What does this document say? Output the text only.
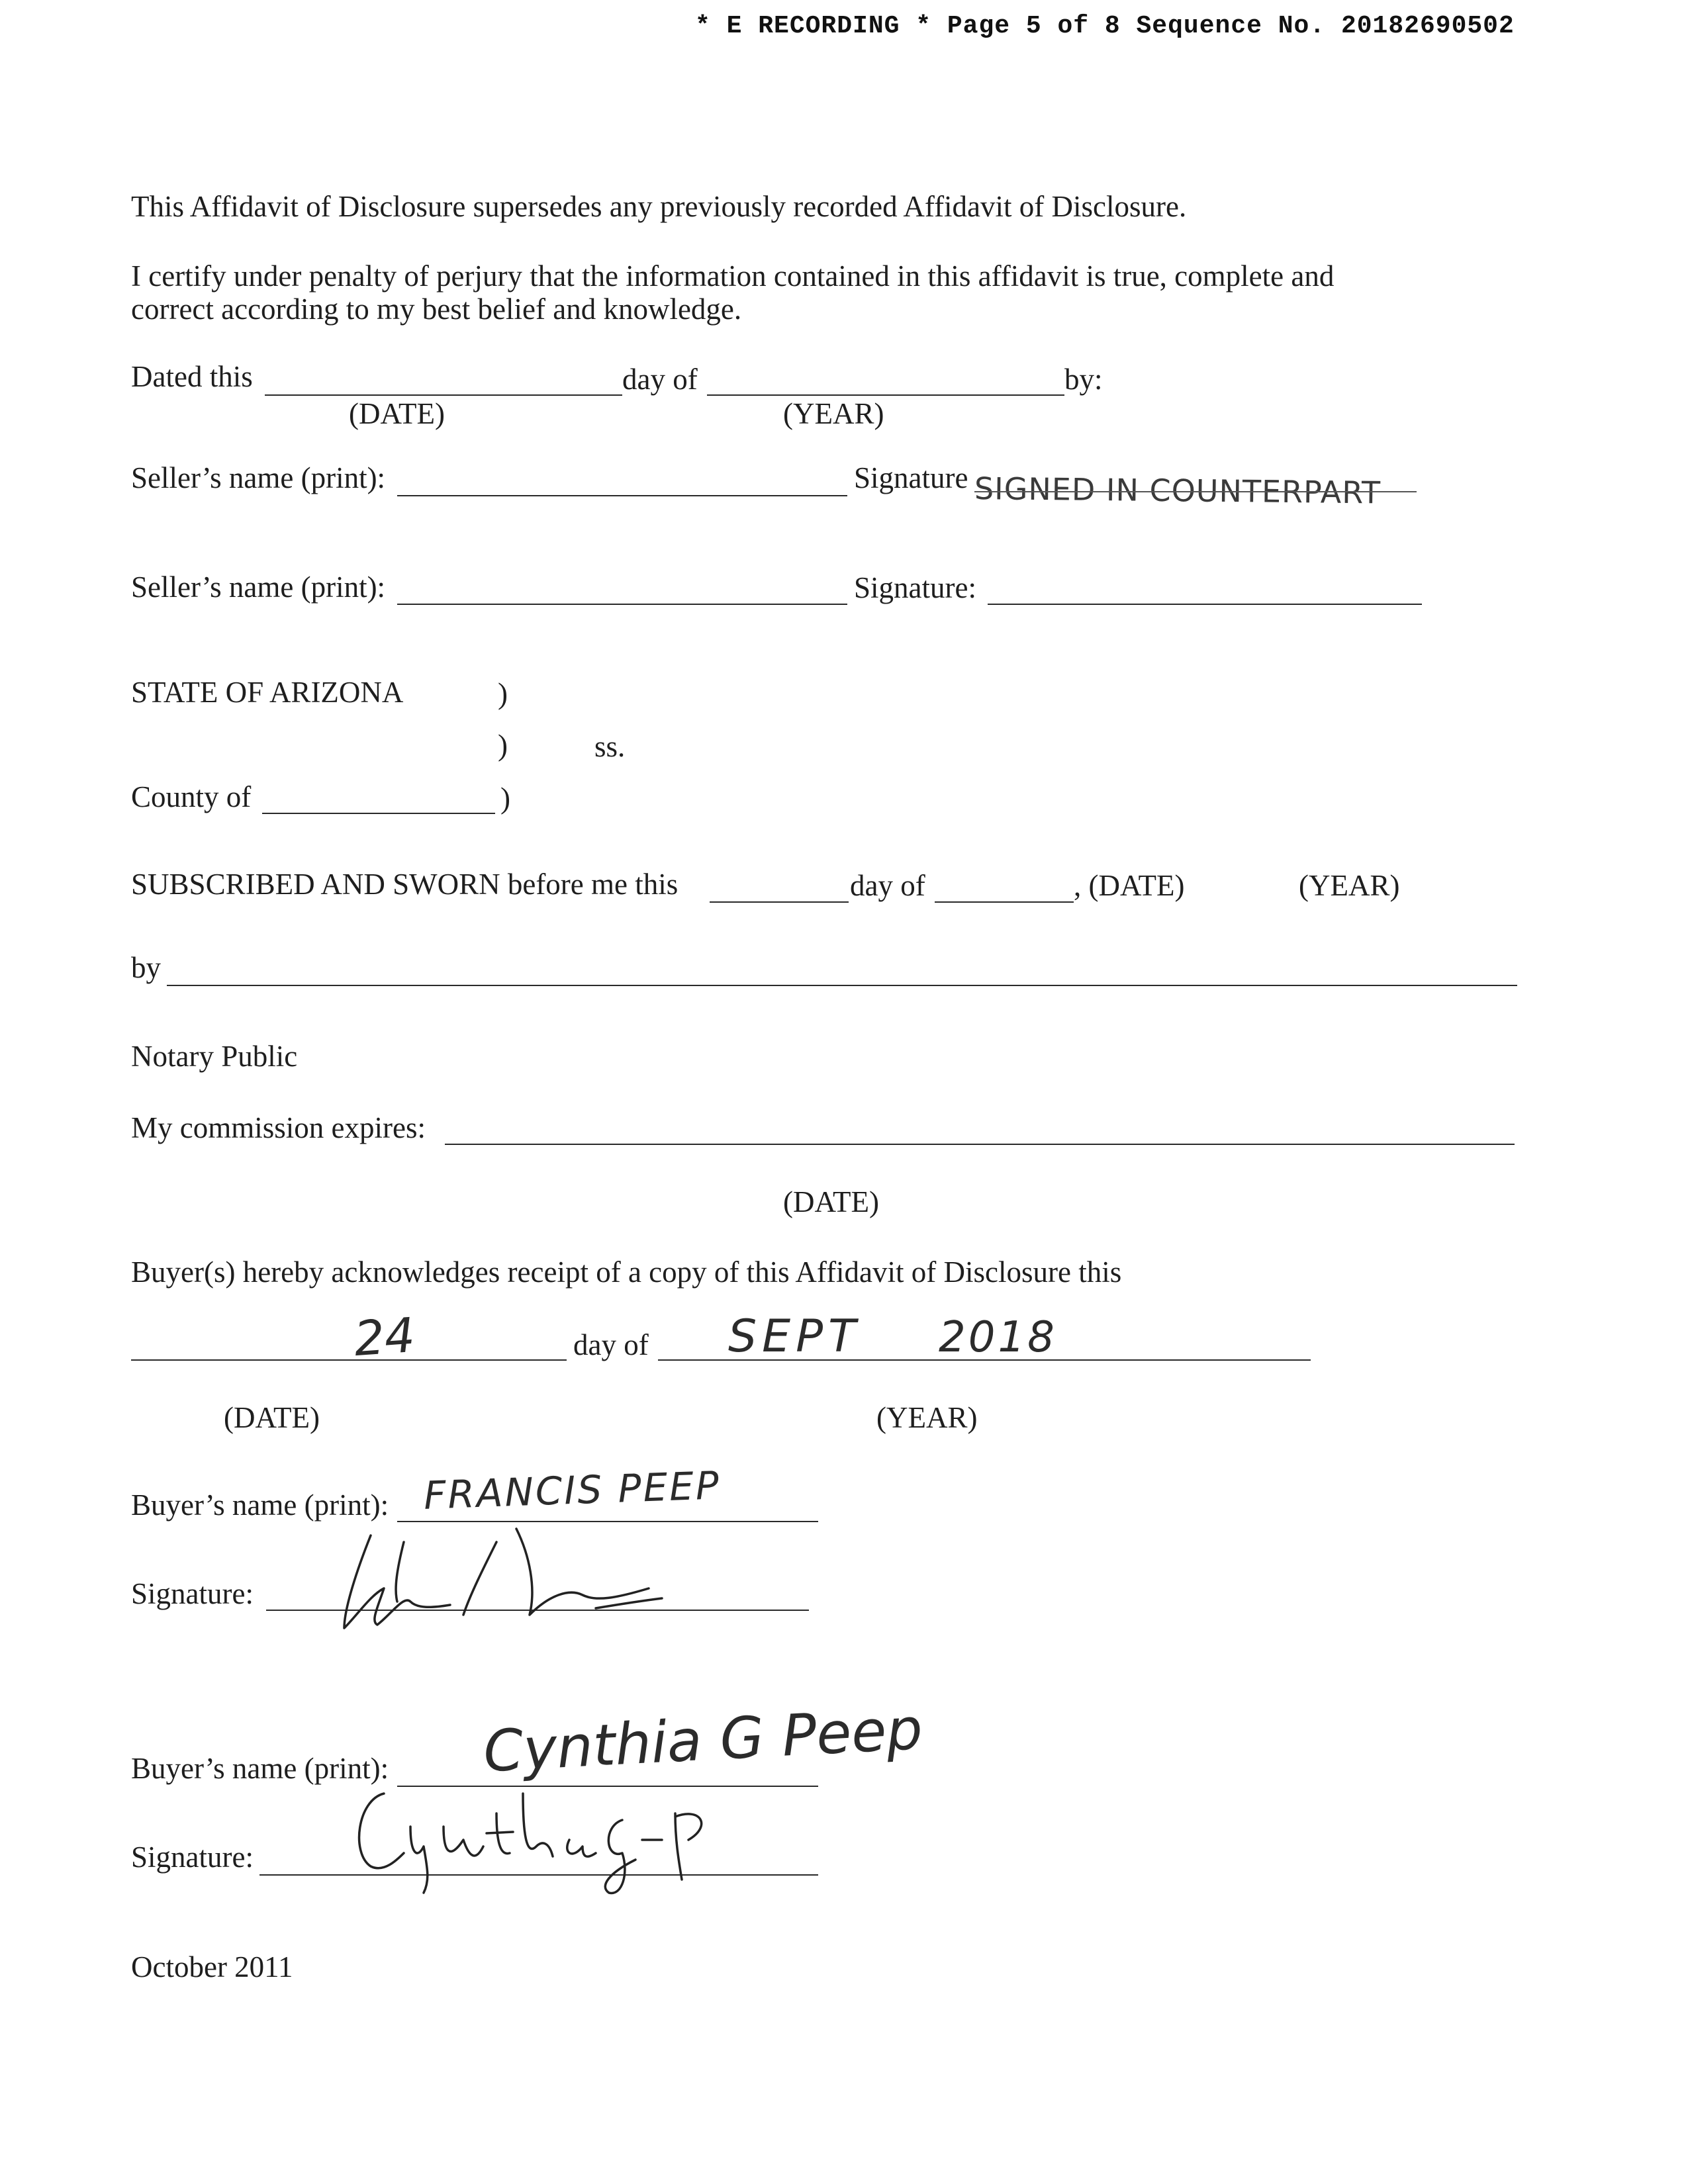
* E RECORDING * Page 5 of 8 Sequence No. 20182690502
This Affidavit of Disclosure supersedes any previously recorded Affidavit of Disclosure.
I certify under penalty of perjury that the information contained in this affidavit is true, complete and
correct according to my best belief and knowledge.
Dated this	day of	by:
(DATE)	(YEAR)
Seller’s name (print):	Signature SIGNED IN COUNTERPART
Seller’s name (print):	Signature:
STATE OF ARIZONA	)
)	ss.
County of	)
SUBSCRIBED AND SWORN before me this	day of	, (DATE)	(YEAR)
by
Notary Public
My commission expires:
(DATE)
Buyer(s) hereby acknowledges receipt of a copy of this Affidavit of Disclosure this
24	day of SEPT 2018
(DATE)	(YEAR)
Buyer’s name (print): FRANCIS PEEP
Signature:
Buyer’s name (print): Cynthia G Peep
Signature:
October 2011
